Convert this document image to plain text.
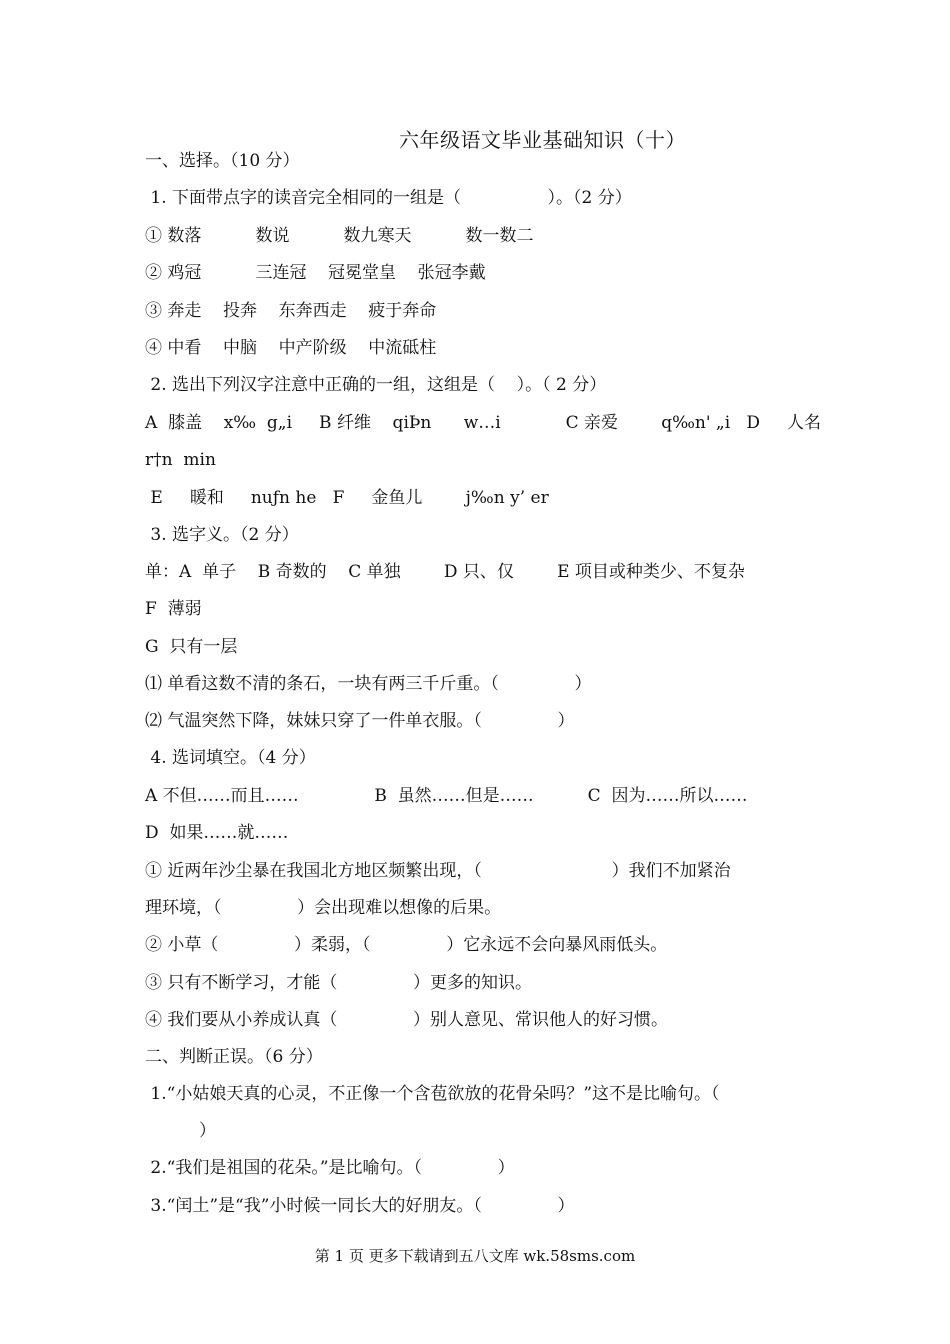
六年级语文毕业基础知识（十）
一、选择。（10 分）
1. 下面带点字的读音完全相同的一组是（                ）。（2 分）
① 数落          数说          数九寒天          数一数二
② 鸡冠          三连冠    冠冕堂皇    张冠李戴
③ 奔走    投奔    东奔西走    疲于奔命
④ 中看    中脑    中产阶级    中流砥柱
2. 选出下列汉字注意中正确的一组，这组是（    ）。（ 2 分）
A  膝盖    x‰  g„i     B 纤维    qiÞn      w…i            C 亲爱        q‰n' „i   D     人名
r†n  min
E     暖和     nuƒn he   F     金鱼儿        j‰n y’ er
3. 选字义。（2 分）
单：A  单子    B 奇数的    C 单独        D 只、仅        E 项目或种类少、不复杂
F  薄弱
G  只有一层
⑴ 单看这数不清的条石，一块有两三千斤重。（              ）
⑵ 气温突然下降，妹妹只穿了一件单衣服。（              ）
4. 选词填空。（4 分）
A 不但……而且……              B  虽然……但是……          C  因为……所以……
D  如果……就……
① 近两年沙尘暴在我国北方地区频繁出现，（                        ）我们不加紧治
理环境，（              ）会出现难以想像的后果。
② 小草（              ）柔弱，（              ）它永远不会向暴风雨低头。
③ 只有不断学习，才能（              ）更多的知识。
④ 我们要从小养成认真（              ）别人意见、常识他人的好习惯。
二、判断正误。（6 分）
1.“小姑娘天真的心灵，不正像一个含苞欲放的花骨朵吗？”这不是比喻句。（
）
2.“我们是祖国的花朵。”是比喻句。（              ）
3.“闰土”是“我”小时候一同长大的好朋友。（              ）
第 1 页 更多下载请到五八文库 wk.58sms.com
